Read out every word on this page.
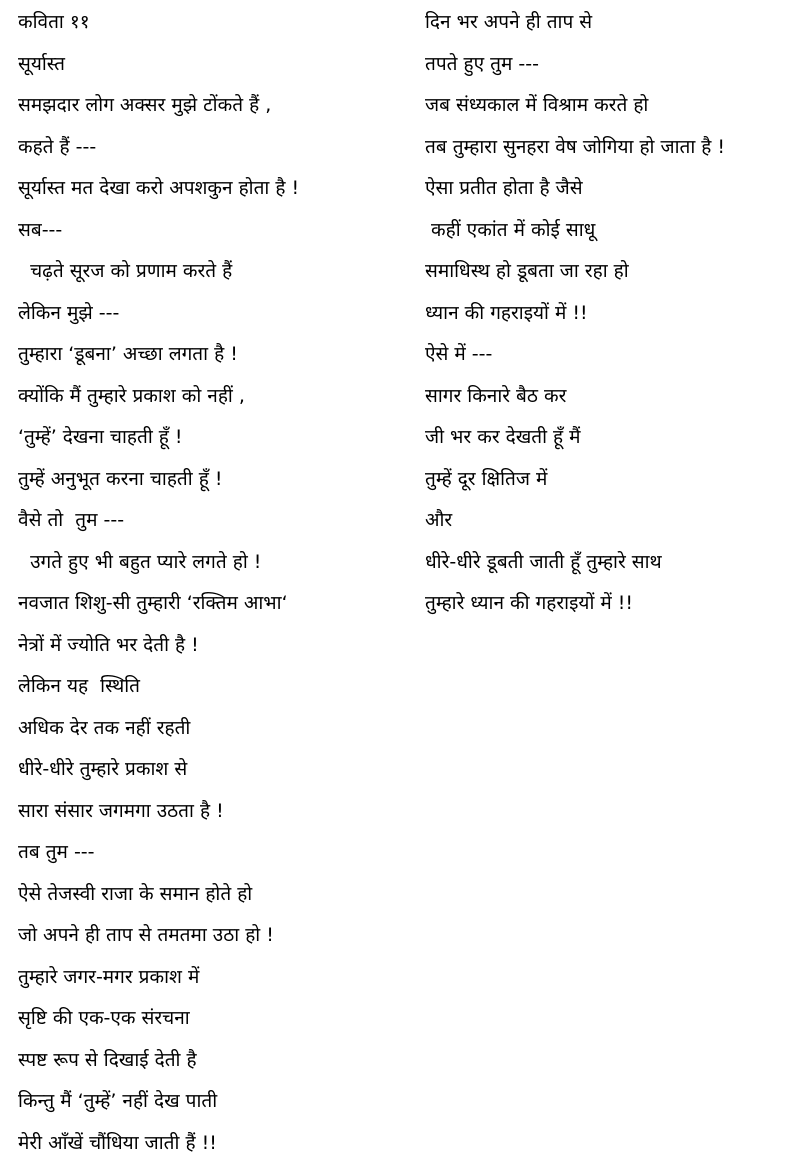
कविता ११
सूर्यास्त
समझदार लोग अक्सर मुझे टोंकते हैं ,
कहते हैं ---
सूर्यास्त मत देखा करो अपशकुन होता है !
सब---
चढ़ते सूरज को प्रणाम करते हैं
लेकिन मुझे ---
तुम्हारा ‘डूबना’ अच्छा लगता है !
क्योंकि मैं तुम्हारे प्रकाश को नहीं ,
‘तुम्हें’ देखना चाहती हूँ !
तुम्हें अनुभूत करना चाहती हूँ !
वैसे तो  तुम ---
उगते हुए भी बहुत प्यारे लगते हो !
नवजात शिशु-सी तुम्हारी ‘रक्तिम आभा‘
नेत्रों में ज्योति भर देती है !
लेकिन यह  स्थिति
अधिक देर तक नहीं रहती
धीरे-धीरे तुम्हारे प्रकाश से
सारा संसार जगमगा उठता है !
तब तुम ---
ऐसे तेजस्वी राजा के समान होते हो
जो अपने ही ताप से तमतमा उठा हो !
तुम्हारे जगर-मगर प्रकाश में
सृष्टि की एक-एक संरचना
स्पष्ट रूप से दिखाई देती है
किन्तु मैं ‘तुम्हें’ नहीं देख पाती
मेरी आँखें चौंधिया जाती हैं !!
दिन भर अपने ही ताप से
तपते हुए तुम ---
जब संध्यकाल में विश्राम करते हो
तब तुम्हारा सुनहरा वेष जोगिया हो जाता है !
ऐसा प्रतीत होता है जैसे
कहीं एकांत में कोई साधू
समाधिस्थ हो डूबता जा रहा हो
ध्यान की गहराइयों में !!
ऐसे में ---
सागर किनारे बैठ कर
जी भर कर देखती हूँ मैं
तुम्हें दूर क्षितिज में
और
धीरे-धीरे डूबती जाती हूँ तुम्हारे साथ
तुम्हारे ध्यान की गहराइयों में !!
